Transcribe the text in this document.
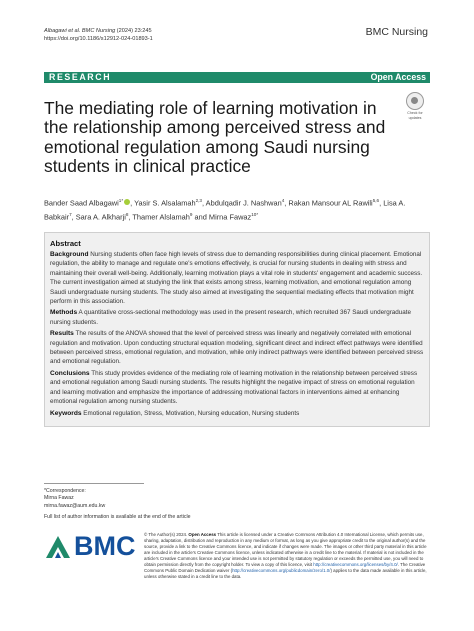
Albagawi et al. BMC Nursing (2024) 23:245
https://doi.org/10.1186/s12912-024-01893-1
BMC Nursing
RESEARCH	Open Access
The mediating role of learning motivation in the relationship among perceived stress and emotional regulation among Saudi nursing students in clinical practice
Check for
updates
Bander Saad Albagawi$^{1*}$ , Yasir S. Alsalamah$^{2,3}$, Abdulqadir J. Nashwan$^4$, Rakan Mansour AL Rawili$^{5,6}$, Lisa A. Babkair$^7$, Sara A. Alkharji$^8$, Thamer Alslamah$^9$ and Mirna Fawaz$^{10*}$
Abstract

Background Nursing students often face high levels of stress due to demanding responsibilities during clinical placement. Emotional regulation, the ability to manage and regulate one's emotions effectively, is crucial for nursing students in dealing with stress and maintaining their overall well-being. Additionally, learning motivation plays a vital role in students' engagement and academic success. The current investigation aimed at studying the link that exists among stress, learning motivation, and emotional regulation among Saudi undergraduate nursing students. The study also aimed at investigating the sequential mediating effects that motivation might perform in this association.

Methods A quantitative cross-sectional methodology was used in the present research, which recruited 367 Saudi undergraduate nursing students.

Results The results of the ANOVA showed that the level of perceived stress was linearly and negatively correlated with emotional regulation and motivation. Upon conducting structural equation modeling, significant direct and indirect effect pathways were identified between perceived stress, emotional regulation, and motivation, while only indirect pathways were identified between perceived stress and emotional regulation.

Conclusions This study provides evidence of the mediating role of learning motivation in the relationship between perceived stress and emotional regulation among Saudi nursing students. The results highlight the negative impact of stress on emotional regulation and learning motivation and emphasize the importance of addressing motivational factors in interventions aimed at enhancing emotional regulation among nursing students.

Keywords Emotional regulation, Stress, Motivation, Nursing education, Nursing students

*Correspondence:
Mirna Fawaz
mirna.fawaz@aum.edu.kw
Full list of author information is available at the end of the article
BMC © The Author(s) 2024. Open Access This article is licensed under a Creative Commons Attribution 4.0 International License, which permits use, sharing, adaptation, distribution and reproduction in any medium or format, as long as you give appropriate credit to the original author(s) and the source, provide a link to the Creative Commons licence, and indicate if changes were made. The images or other third party material in this article are included in the article's Creative Commons licence, unless indicated otherwise in a credit line to the material. If material is not included in the article's Creative Commons licence and your intended use is not permitted by statutory regulation or exceeds the permitted use, you will need to obtain permission directly from the copyright holder. To view a copy of this licence, visit http://creativecommons.org/licenses/by/4.0/. The Creative Commons Public Domain Dedication waiver (http://creativecommons.org/publicdomain/zero/1.0/) applies to the data made available in this article, unless otherwise stated in a credit line to the data.
